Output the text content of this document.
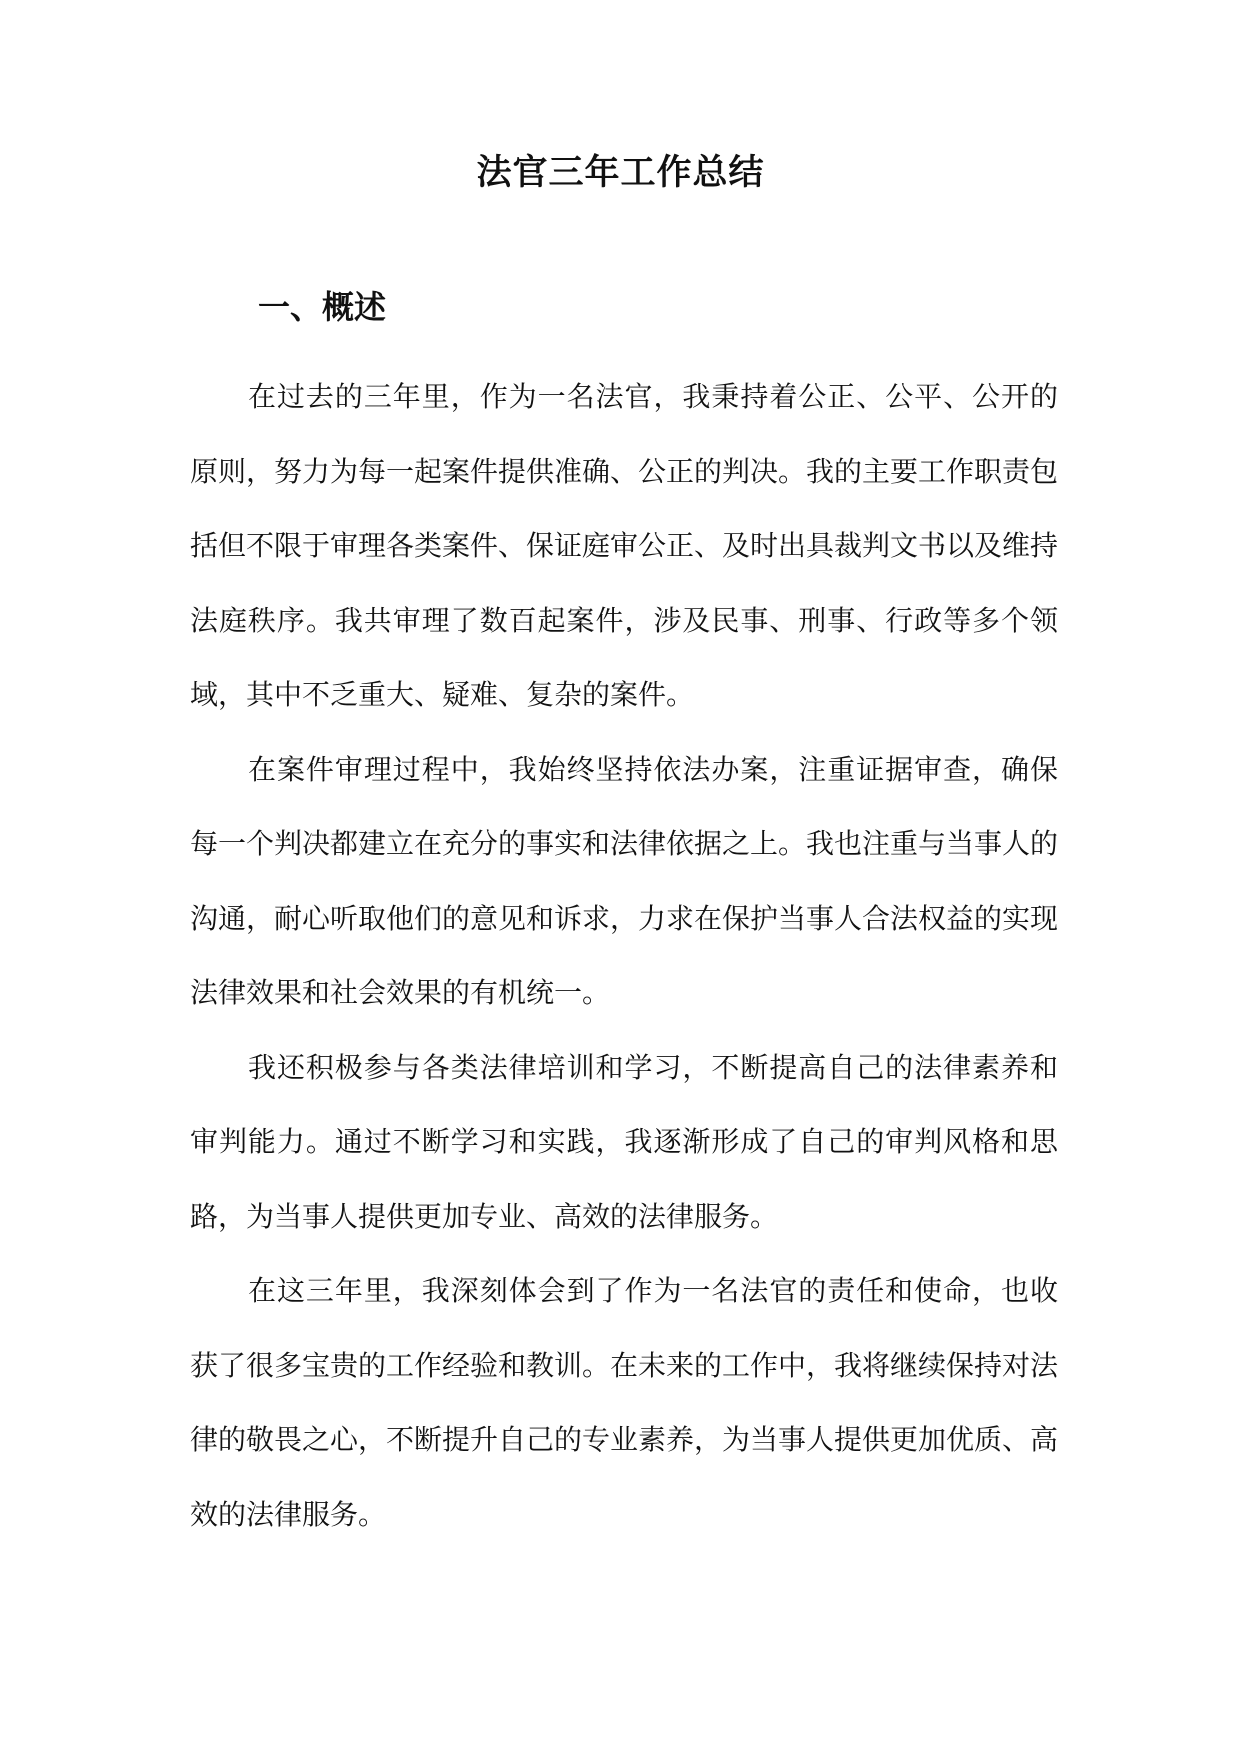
法官三年工作总结
一、概述

在过去的三年里，作为一名法官，我秉持着公正、公平、公开的原则，努力为每一起案件提供准确、公正的判决。我的主要工作职责包括但不限于审理各类案件、保证庭审公正、及时出具裁判文书以及维持法庭秩序。我共审理了数百起案件，涉及民事、刑事、行政等多个领域，其中不乏重大、疑难、复杂的案件。

在案件审理过程中，我始终坚持依法办案，注重证据审查，确保每一个判决都建立在充分的事实和法律依据之上。我也注重与当事人的沟通，耐心听取他们的意见和诉求，力求在保护当事人合法权益的实现法律效果和社会效果的有机统一。

我还积极参与各类法律培训和学习，不断提高自己的法律素养和审判能力。通过不断学习和实践，我逐渐形成了自己的审判风格和思路，为当事人提供更加专业、高效的法律服务。

在这三年里，我深刻体会到了作为一名法官的责任和使命，也收获了很多宝贵的工作经验和教训。在未来的工作中，我将继续保持对法律的敬畏之心，不断提升自己的专业素养，为当事人提供更加优质、高效的法律服务。
